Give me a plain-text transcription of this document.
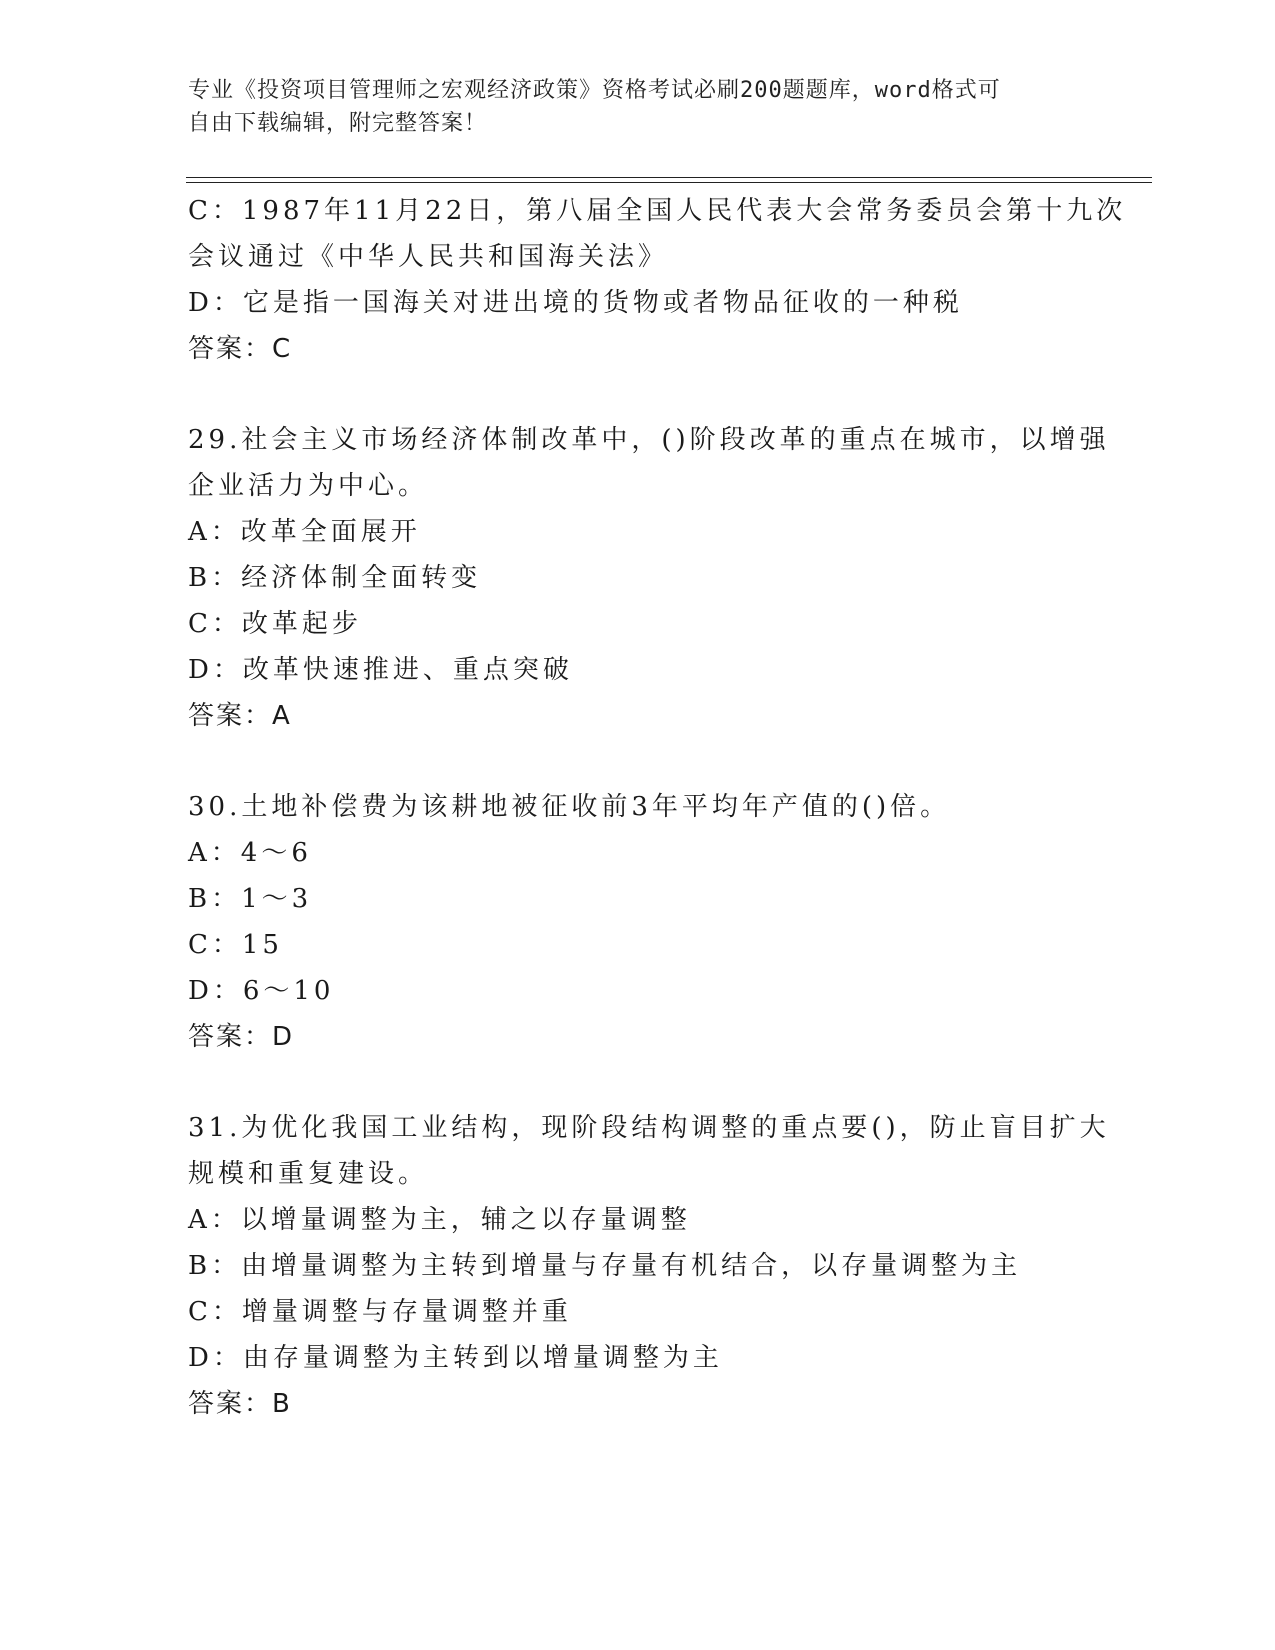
专业《投资项目管理师之宏观经济政策》资格考试必刷200题题库，word格式可
自由下载编辑，附完整答案！
C：1987年11月22日，第八届全国人民代表大会常务委员会第十九次
会议通过《中华人民共和国海关法》
D：它是指一国海关对进出境的货物或者物品征收的一种税
答案：C
29.社会主义市场经济体制改革中，()阶段改革的重点在城市，以增强
企业活力为中心。
A：改革全面展开
B：经济体制全面转变
C：改革起步
D：改革快速推进、重点突破
答案：A
30.土地补偿费为该耕地被征收前3年平均年产值的()倍。
A：4～6
B：1～3
C：15
D：6～10
答案：D
31.为优化我国工业结构，现阶段结构调整的重点要()，防止盲目扩大
规模和重复建设。
A：以增量调整为主，辅之以存量调整
B：由增量调整为主转到增量与存量有机结合，以存量调整为主
C：增量调整与存量调整并重
D：由存量调整为主转到以增量调整为主
答案：B
